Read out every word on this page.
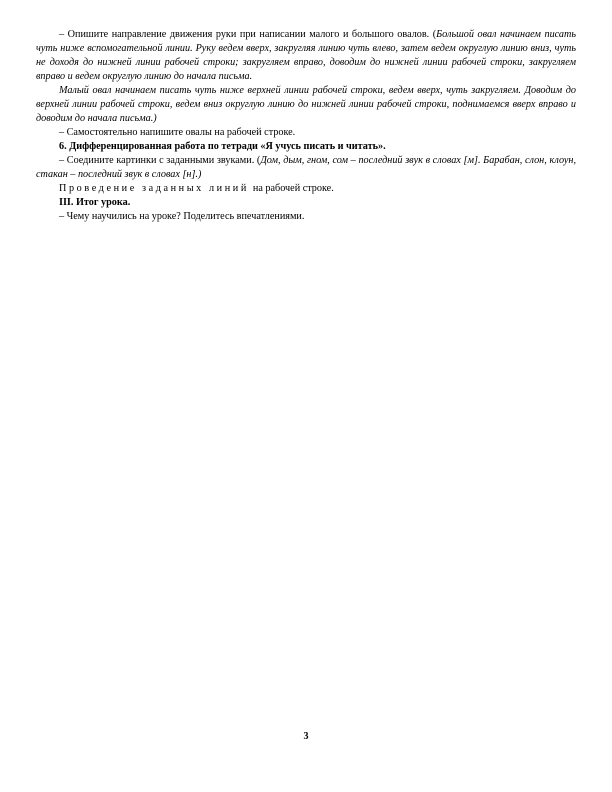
– Опишите направление движения руки при написании малого и большого овалов. (Большой овал начинаем писать чуть ниже вспомогательной линии. Руку ведем вверх, закругляя линию чуть влево, затем ведем округлую линию вниз, чуть не доходя до нижней линии рабочей строки; закругляем вправо, доводим до нижней линии рабочей строки, закругляем вправо и ведем округлую линию до начала письма.

Малый овал начинаем писать чуть ниже верхней линии рабочей строки, ведем вверх, чуть закругляем. Доводим до верхней линии рабочей строки, ведем вниз округлую линию до нижней линии рабочей строки, поднимаемся вверх вправо и доводим до начала письма.)

– Самостоятельно напишите овалы на рабочей строке.

6. Дифференцированная работа по тетради «Я учусь писать и читать».

– Соедините картинки с заданными звуками. (Дом, дым, гном, сом – последний звук в словах [м]. Барабан, слон, клоун, стакан – последний звук в словах [н].)

Проведение заданных линий на рабочей строке.

III. Итог урока.

– Чему научились на уроке? Поделитесь впечатлениями.

3
